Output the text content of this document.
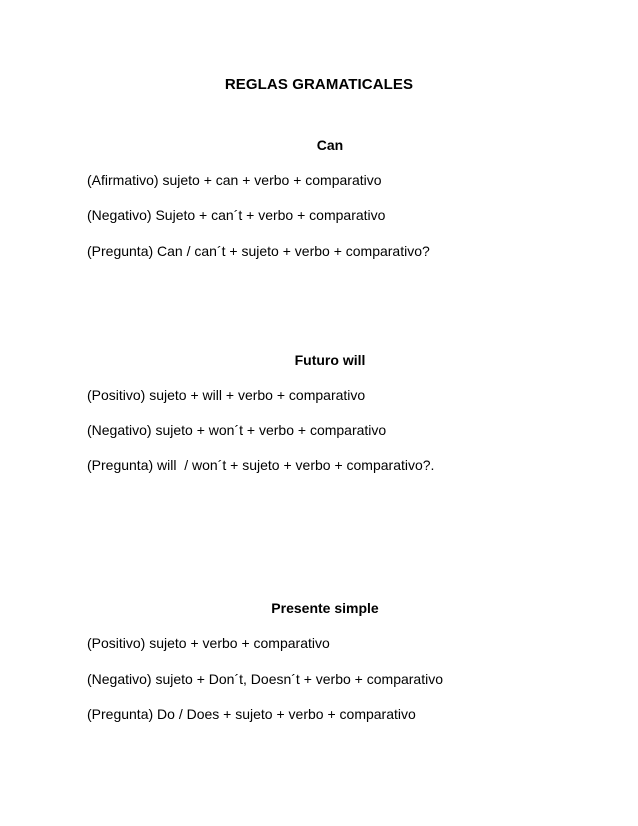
REGLAS GRAMATICALES
Can
(Afirmativo) sujeto + can + verbo + comparativo
(Negativo) Sujeto + can´t + verbo + comparativo
(Pregunta) Can / can´t + sujeto + verbo + comparativo?
Futuro will
(Positivo) sujeto + will + verbo + comparativo
(Negativo) sujeto + won´t + verbo + comparativo
(Pregunta) will  / won´t + sujeto + verbo + comparativo?.
Presente simple
(Positivo) sujeto + verbo + comparativo
(Negativo) sujeto + Don´t, Doesn´t + verbo + comparativo
(Pregunta) Do / Does + sujeto + verbo + comparativo
